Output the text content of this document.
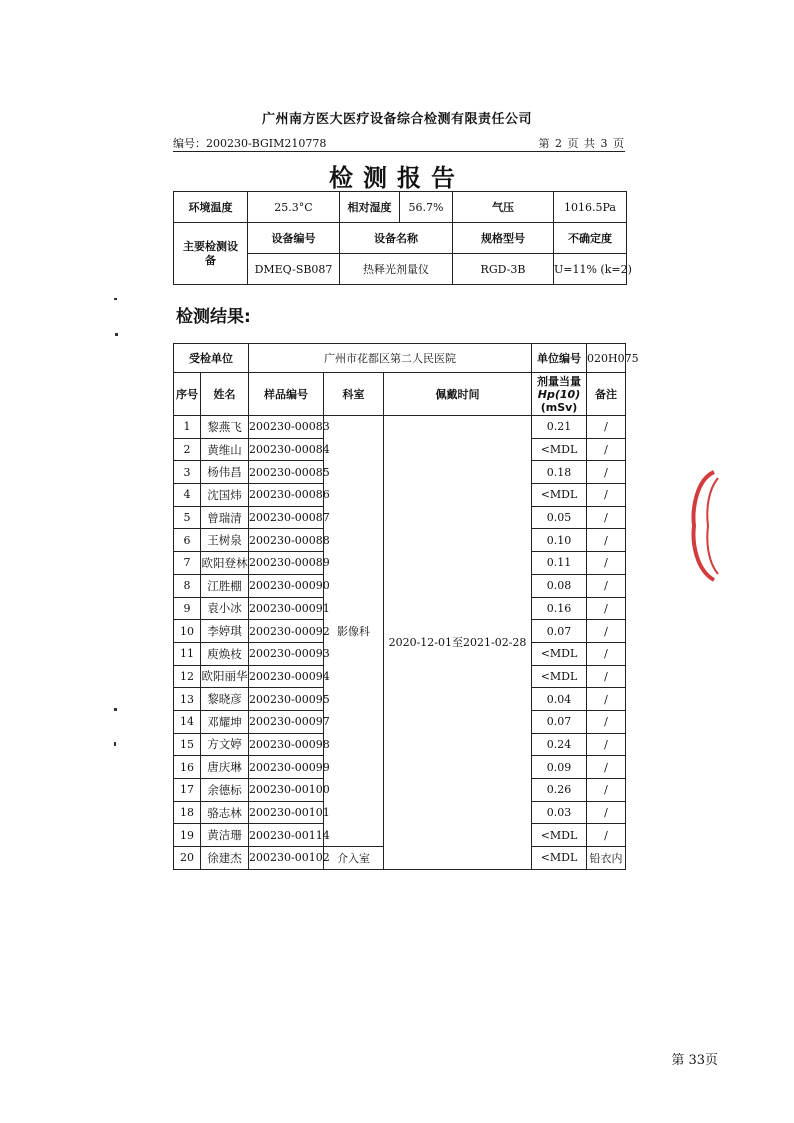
广州南方医大医疗设备综合检测有限责任公司
编号：200230-BGIM210778	第 2 页 共 3 页
检测报告
环境温度	25.3°C	相对湿度	56.7%	气压	1016.5Pa
主要检测设备	设备编号	设备名称		规格型号	不确定度
	DMEQ-SB087	热释光剂量仪		RGD-3B	U=11% (k=2)
检测结果:
受检单位		广州市花都区第二人民医院			单位编号	020H075
序号	姓名	样品编号	科室	佩戴时间	剂量当量
Hp(10)
(mSv)	备注
1	黎燕飞	200230-00083	影像科	2020-12-01至2021-02-28	0.21	/
2	黄维山	200230-00084			<MDL	/
3	杨伟昌	200230-00085			0.18	/
4	沈国炜	200230-00086			<MDL	/
5	曾瑞清	200230-00087			0.05	/
6	王树泉	200230-00088			0.10	/
7	欧阳登林	200230-00089			0.11	/
8	江胜棚	200230-00090			0.08	/
9	袁小冰	200230-00091			0.16	/
10	李婷琪	200230-00092			0.07	/
11	庾焕枝	200230-00093			<MDL	/
12	欧阳丽华	200230-00094			<MDL	/
13	黎晓彦	200230-00095			0.04	/
14	邓耀坤	200230-00097			0.07	/
15	方文婷	200230-00098			0.24	/
16	唐庆琳	200230-00099			0.09	/
17	余德标	200230-00100			0.26	/
18	骆志林	200230-00101			0.03	/
19	黄洁珊	200230-00114			<MDL	/
20	徐建杰	200230-00102	介入室		<MDL	铅衣内
第 33页
